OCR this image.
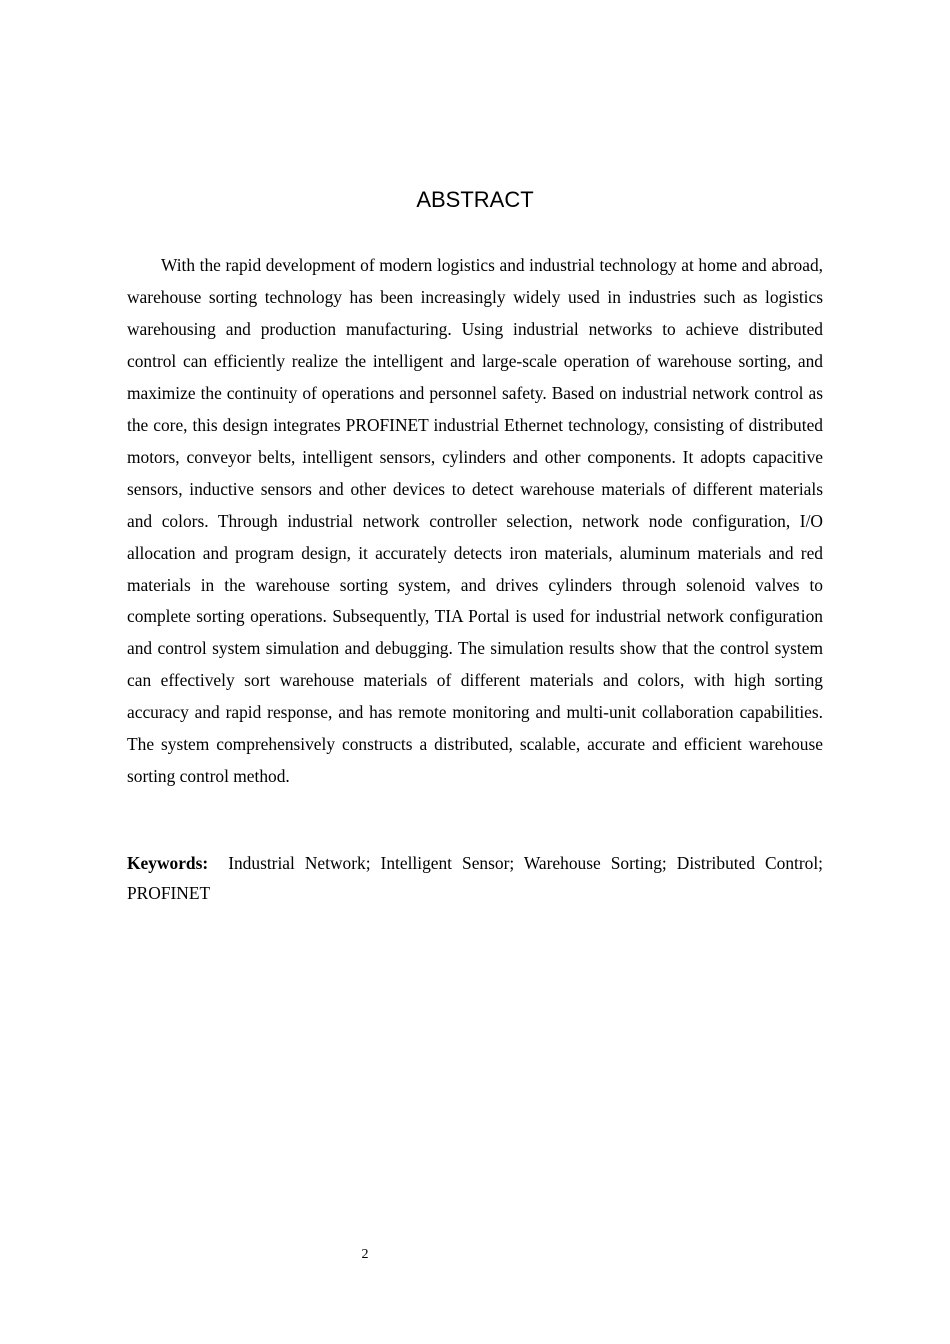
ABSTRACT

With the rapid development of modern logistics and industrial technology at home and abroad, warehouse sorting technology has been increasingly widely used in industries such as logistics warehousing and production manufacturing. Using industrial networks to achieve distributed control can efficiently realize the intelligent and large-scale operation of warehouse sorting, and maximize the continuity of operations and personnel safety. Based on industrial network control as the core, this design integrates PROFINET industrial Ethernet technology, consisting of distributed motors, conveyor belts, intelligent sensors, cylinders and other components. It adopts capacitive sensors, inductive sensors and other devices to detect warehouse materials of different materials and colors. Through industrial network controller selection, network node configuration, I/O allocation and program design, it accurately detects iron materials, aluminum materials and red materials in the warehouse sorting system, and drives cylinders through solenoid valves to complete sorting operations. Subsequently, TIA Portal is used for industrial network configuration and control system simulation and debugging. The simulation results show that the control system can effectively sort warehouse materials of different materials and colors, with high sorting accuracy and rapid response, and has remote monitoring and multi-unit collaboration capabilities. The system comprehensively constructs a distributed, scalable, accurate and efficient warehouse sorting control method.

Keywords: Industrial Network; Intelligent Sensor; Warehouse Sorting; Distributed Control; PROFINET

2
